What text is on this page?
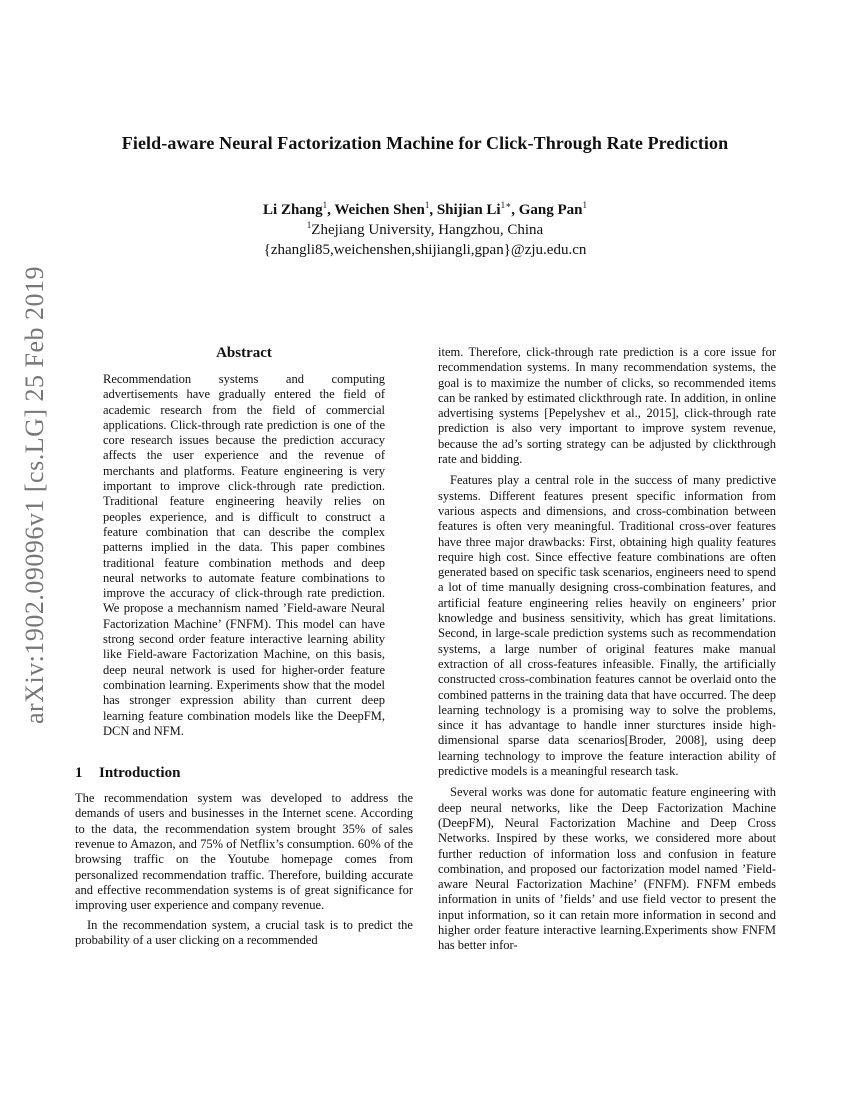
Field-aware Neural Factorization Machine for Click-Through Rate Prediction
Li Zhang$^1$, Weichen Shen$^1$, Shijian $Li^{1∗}$, Gang Pan$^1$
$^1$Zhejiang University, Hangzhou, China
{zhangli85,weichenshen,shijiangli,gpan}@zju.edu.cn
arXiv:1902.09096v1 [cs.LG] 25 Feb 2019	Abstract

Recommendation systems and computing advertisements have gradually entered the field of academic research from the field of commercial applications. Click-through rate prediction is one of the core research issues because the prediction accuracy affects the user experience and the revenue of merchants and platforms. Feature engineering is very important to improve click-through rate prediction. Traditional feature engineering heavily relies on peoples experience, and is difficult to construct a feature combination that can describe the complex patterns implied in the data. This paper combines traditional feature combination methods and deep neural networks to automate feature combinations to improve the accuracy of click-through rate prediction. We propose a mechannism named ’Field-aware Neural Factorization Machine’ (FNFM). This model can have strong second order feature interactive learning ability like Field-aware Factorization Machine, on this basis, deep neural network is used for higher-order feature combination learning. Experiments show that the model has stronger expression ability than current deep learning feature combination models like the DeepFM, DCN and NFM.

1 Introduction

The recommendation system was developed to address the demands of users and businesses in the Internet scene. According to the data, the recommendation system brought 35% of sales revenue to Amazon, and 75% of Netflix’s consumption. 60% of the browsing traffic on the Youtube homepage comes from personalized recommendation traffic. Therefore, building accurate and effective recommendation systems is of great significance for improving user experience and company revenue.

In the recommendation system, a crucial task is to predict the probability of a user clicking on a recommended

item. Therefore, click-through rate prediction is a core issue for recommendation systems. In many recommendation systems, the goal is to maximize the number of clicks, so recommended items can be ranked by estimated clickthrough rate. In addition, in online advertising systems [Pepelyshev et al., 2015], click-through rate prediction is also very important to improve system revenue, because the ad’s sorting strategy can be adjusted by clickthrough rate and bidding.

Features play a central role in the success of many predictive systems. Different features present specific information from various aspects and dimensions, and cross-combination between features is often very meaningful. Traditional cross-over features have three major drawbacks: First, obtaining high quality features require high cost. Since effective feature combinations are often generated based on specific task scenarios, engineers need to spend a lot of time manually designing cross-combination features, and artificial feature engineering relies heavily on engineers’ prior knowledge and business sensitivity, which has great limitations. Second, in large-scale prediction systems such as recommendation systems, a large number of original features make manual extraction of all cross-features infeasible. Finally, the artificially constructed cross-combination features cannot be overlaid onto the combined patterns in the training data that have occurred. The deep learning technology is a promising way to solve the problems, since it has advantage to handle inner sturctures inside high-dimensional sparse data scenarios[Broder, 2008], using deep learning technology to improve the feature interaction ability of predictive models is a meaningful research task.

Several works was done for automatic feature engineering with deep neural networks, like the Deep Factorization Machine (DeepFM), Neural Factorization Machine and Deep Cross Networks. Inspired by these works, we considered more about further reduction of information loss and confusion in feature combination, and proposed our factorization model named ’Field-aware Neural Factorization Machine’ (FNFM). FNFM embeds information in units of ’fields’ and use field vector to present the input information, so it can retain more information in second and higher order feature interactive learning.Experiments show FNFM has better infor-
